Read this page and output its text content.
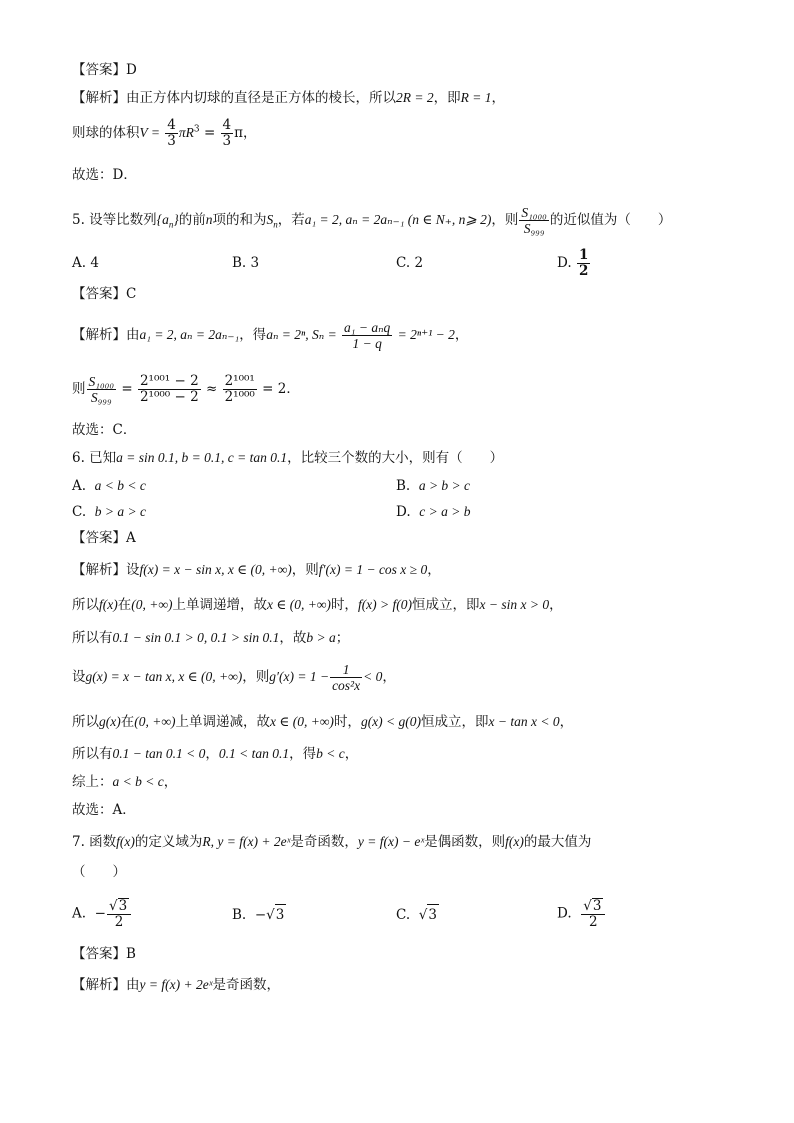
【答案】D
【解析】由正方体内切球的直径是正方体的棱长，所以2R = 2，即R = 1，
则球的体积$V = \frac{4}{3} \pi R^3 = \frac{4}{3}$ π，
故选：D．
5. 设等比数列$\{a_n\}$的前n项的和为$S_n$，若a₁ = 2, aₙ = 2aₙ₋₁ (n ∈ N₊, n⩾ 2)，则 $\frac{\text{S₁₀₀₀}}{\text{S₉₉₉}}$ 的近似值为（　　）
A. 4	B. 3	C. 2	D. $\frac{1}{2}$
【答案】C
【解析】由a₁ = 2, aₙ = 2aₙ₋₁，得aₙ = 2ⁿ, $S_n = \frac{\text{a₁ − aₙq}}{1 - q} = 2^{n+1} - 2$，
则 $\frac{\text{S₁₀₀₀}}{\text{S₉₉₉}} = \frac{\text{2¹⁰⁰¹ − 2}}{\text{2¹⁰⁰⁰ − 2}} \approx \frac{\text{2¹⁰⁰¹}}{\text{2¹⁰⁰⁰}} = 2$．
故选：C．
6. 已知a = sin 0.1, b = 0.1, c = tan 0.1，比较三个数的大小，则有（　　）
A. a < b < c	B. a > b > c
C. b > a > c	D. c > a > b
【答案】A
【解析】设f(x) = x − sin x, x ∈ (0, +∞)，则f′(x) = 1 − cos x ≥ 0，
所以f(x)在(0, +∞)上单调递增，故x ∈ (0, +∞)时，f(x) > f(0)恒成立，即x − sin x > 0，
所以有0.1 − sin 0.1 > 0, 0.1 > sin 0.1，故b > a；
设g(x) = x − tan x, x ∈ (0, +∞)，则$g'(x) = 1 - \frac{1}{\text{cos²x}} < 0$，
所以g(x)在(0, +∞)上单调递减，故x ∈ (0, +∞)时，g(x) < g(0)恒成立，即x − tan x < 0，
所以有0.1 − tan 0.1 < 0，0.1 < tan 0.1，得b < c，
综上：a < b < c，
故选：A．
7. 函数f(x)的定义域为R, y = f(x) + 2eˣ是奇函数，y = f(x) − eˣ是偶函数，则f(x)的最大值为
（　　）
A. − $\frac{√3}{2}$	B. −√3	C. √3	D. $\frac{√3}{2}$
【答案】B
【解析】由y = f(x) + 2eˣ是奇函数，
